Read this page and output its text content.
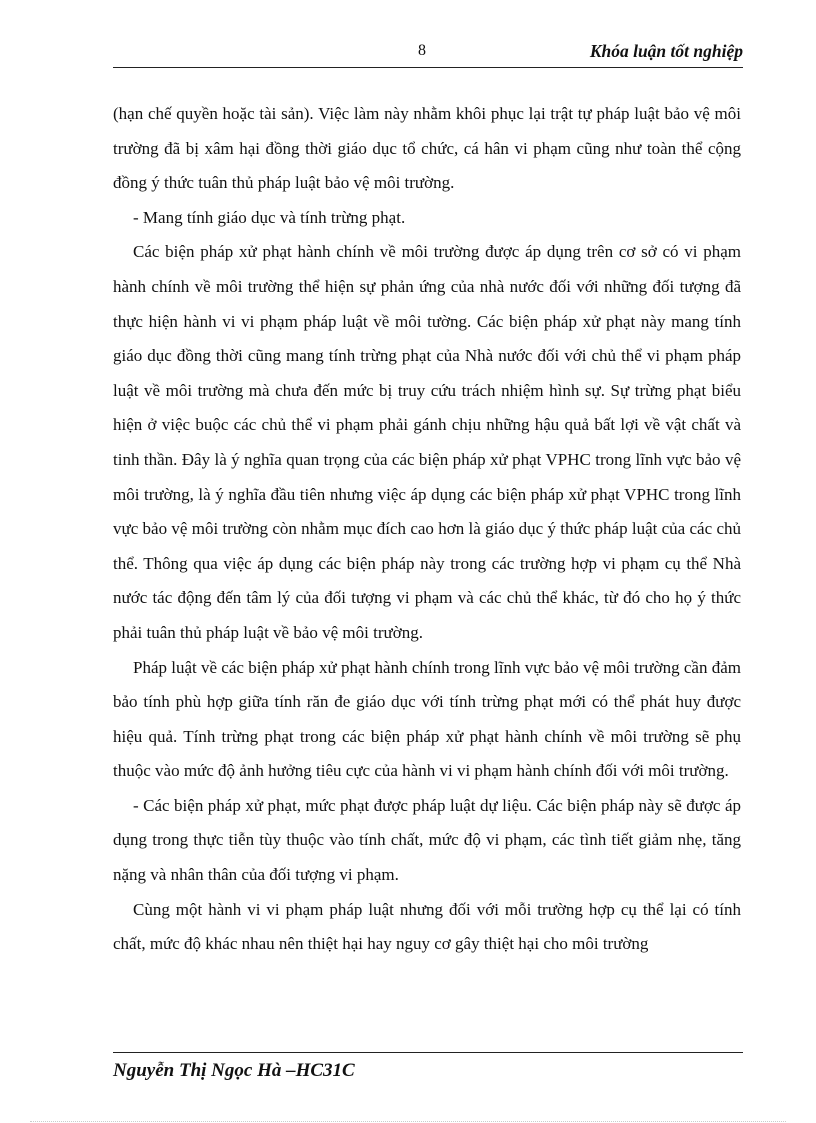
8	Khóa luận tốt nghiệp

(hạn chế quyền hoặc tài sản). Việc làm này nhằm khôi phục lại trật tự pháp luật bảo vệ môi trường đã bị xâm hại đồng thời giáo dục tổ chức, cá hân vi phạm cũng như toàn thể cộng đồng ý thức tuân thủ pháp luật bảo vệ môi trường.

- Mang tính giáo dục và tính trừng phạt.

Các biện pháp xử phạt hành chính về môi trường được áp dụng trên cơ sở có vi phạm hành chính về môi trường thể hiện sự phản ứng của nhà nước đối với những đối tượng đã thực hiện hành vi vi phạm pháp luật về môi tường. Các biện pháp xử phạt này mang tính giáo dục đồng thời cũng mang tính trừng phạt của Nhà nước đối với chủ thể vi phạm pháp luật về môi trường mà chưa đến mức bị truy cứu trách nhiệm hình sự. Sự trừng phạt biểu hiện ở việc buộc các chủ thể vi phạm phải gánh chịu những hậu quả bất lợi về vật chất và tinh thần. Đây là ý nghĩa quan trọng của các biện pháp xử phạt VPHC trong lĩnh vực bảo vệ môi trường, là ý nghĩa đầu tiên nhưng việc áp dụng các biện pháp xử phạt VPHC trong lĩnh vực bảo vệ môi trường còn nhằm mục đích cao hơn là giáo dục ý thức pháp luật của các chủ thể. Thông qua việc áp dụng các biện pháp này trong các trường hợp vi phạm cụ thể Nhà nước tác động đến tâm lý của đối tượng vi phạm và các chủ thể khác, từ đó cho họ ý thức phải tuân thủ pháp luật về bảo vệ môi trường.

Pháp luật về các biện pháp xử phạt hành chính trong lĩnh vực bảo vệ môi trường cần đảm bảo tính phù hợp giữa tính răn đe giáo dục với tính trừng phạt mới có thể phát huy được hiệu quả. Tính trừng phạt trong các biện pháp xử phạt hành chính về môi trường sẽ phụ thuộc vào mức độ ảnh hưởng tiêu cực của hành vi vi phạm hành chính đối với môi trường.

- Các biện pháp xử phạt, mức phạt được pháp luật dự liệu. Các biện pháp này sẽ được áp dụng trong thực tiễn tùy thuộc vào tính chất, mức độ vi phạm, các tình tiết giảm nhẹ, tăng nặng và nhân thân của đối tượng vi phạm.

Cùng một hành vi vi phạm pháp luật nhưng đối với mỗi trường hợp cụ thể lại có tính chất, mức độ khác nhau nên thiệt hại hay nguy cơ gây thiệt hại cho môi trường

Nguyễn Thị Ngọc Hà –HC31C
